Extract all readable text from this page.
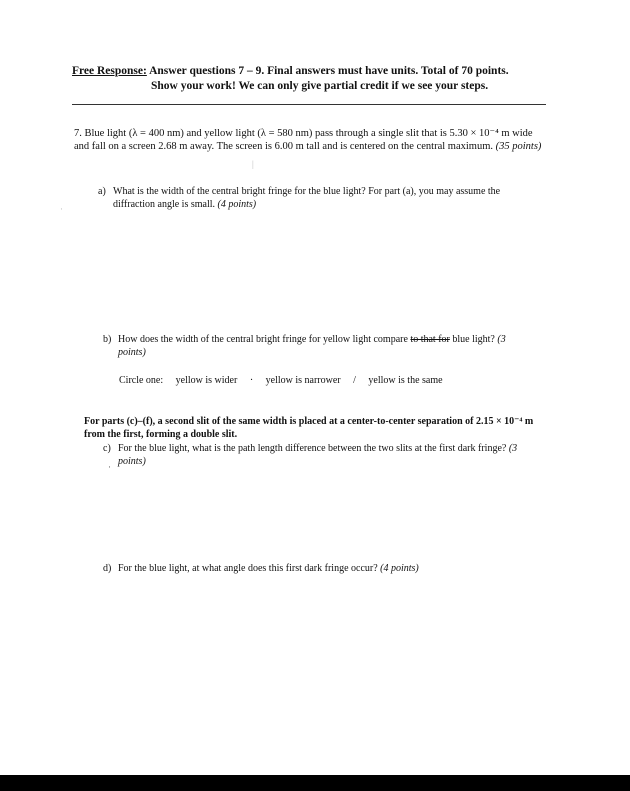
Free Response: Answer questions 7 – 9. Final answers must have units. Total of 70 points.
Show your work! We can only give partial credit if we see your steps.
7. Blue light (λ = 400 nm) and yellow light (λ = 580 nm) pass through a single slit that is 5.30 × 10⁻⁴ m wide and fall on a screen 2.68 m away. The screen is 6.00 m tall and is centered on the central maximum. (35 points)
a) What is the width of the central bright fringe for the blue light? For part (a), you may assume the diffraction angle is small. (4 points)
b) How does the width of the central bright fringe for yellow light compare to that for blue light? (3 points)
Circle one: yellow is wider · yellow is narrower / yellow is the same
For parts (c)–(f), a second slit of the same width is placed at a center-to-center separation of 2.15 × 10⁻⁴ m from the first, forming a double slit.
c) For the blue light, what is the path length difference between the two slits at the first dark fringe? (3 points)
d) For the blue light, at what angle does this first dark fringe occur? (4 points)
|
·
·
